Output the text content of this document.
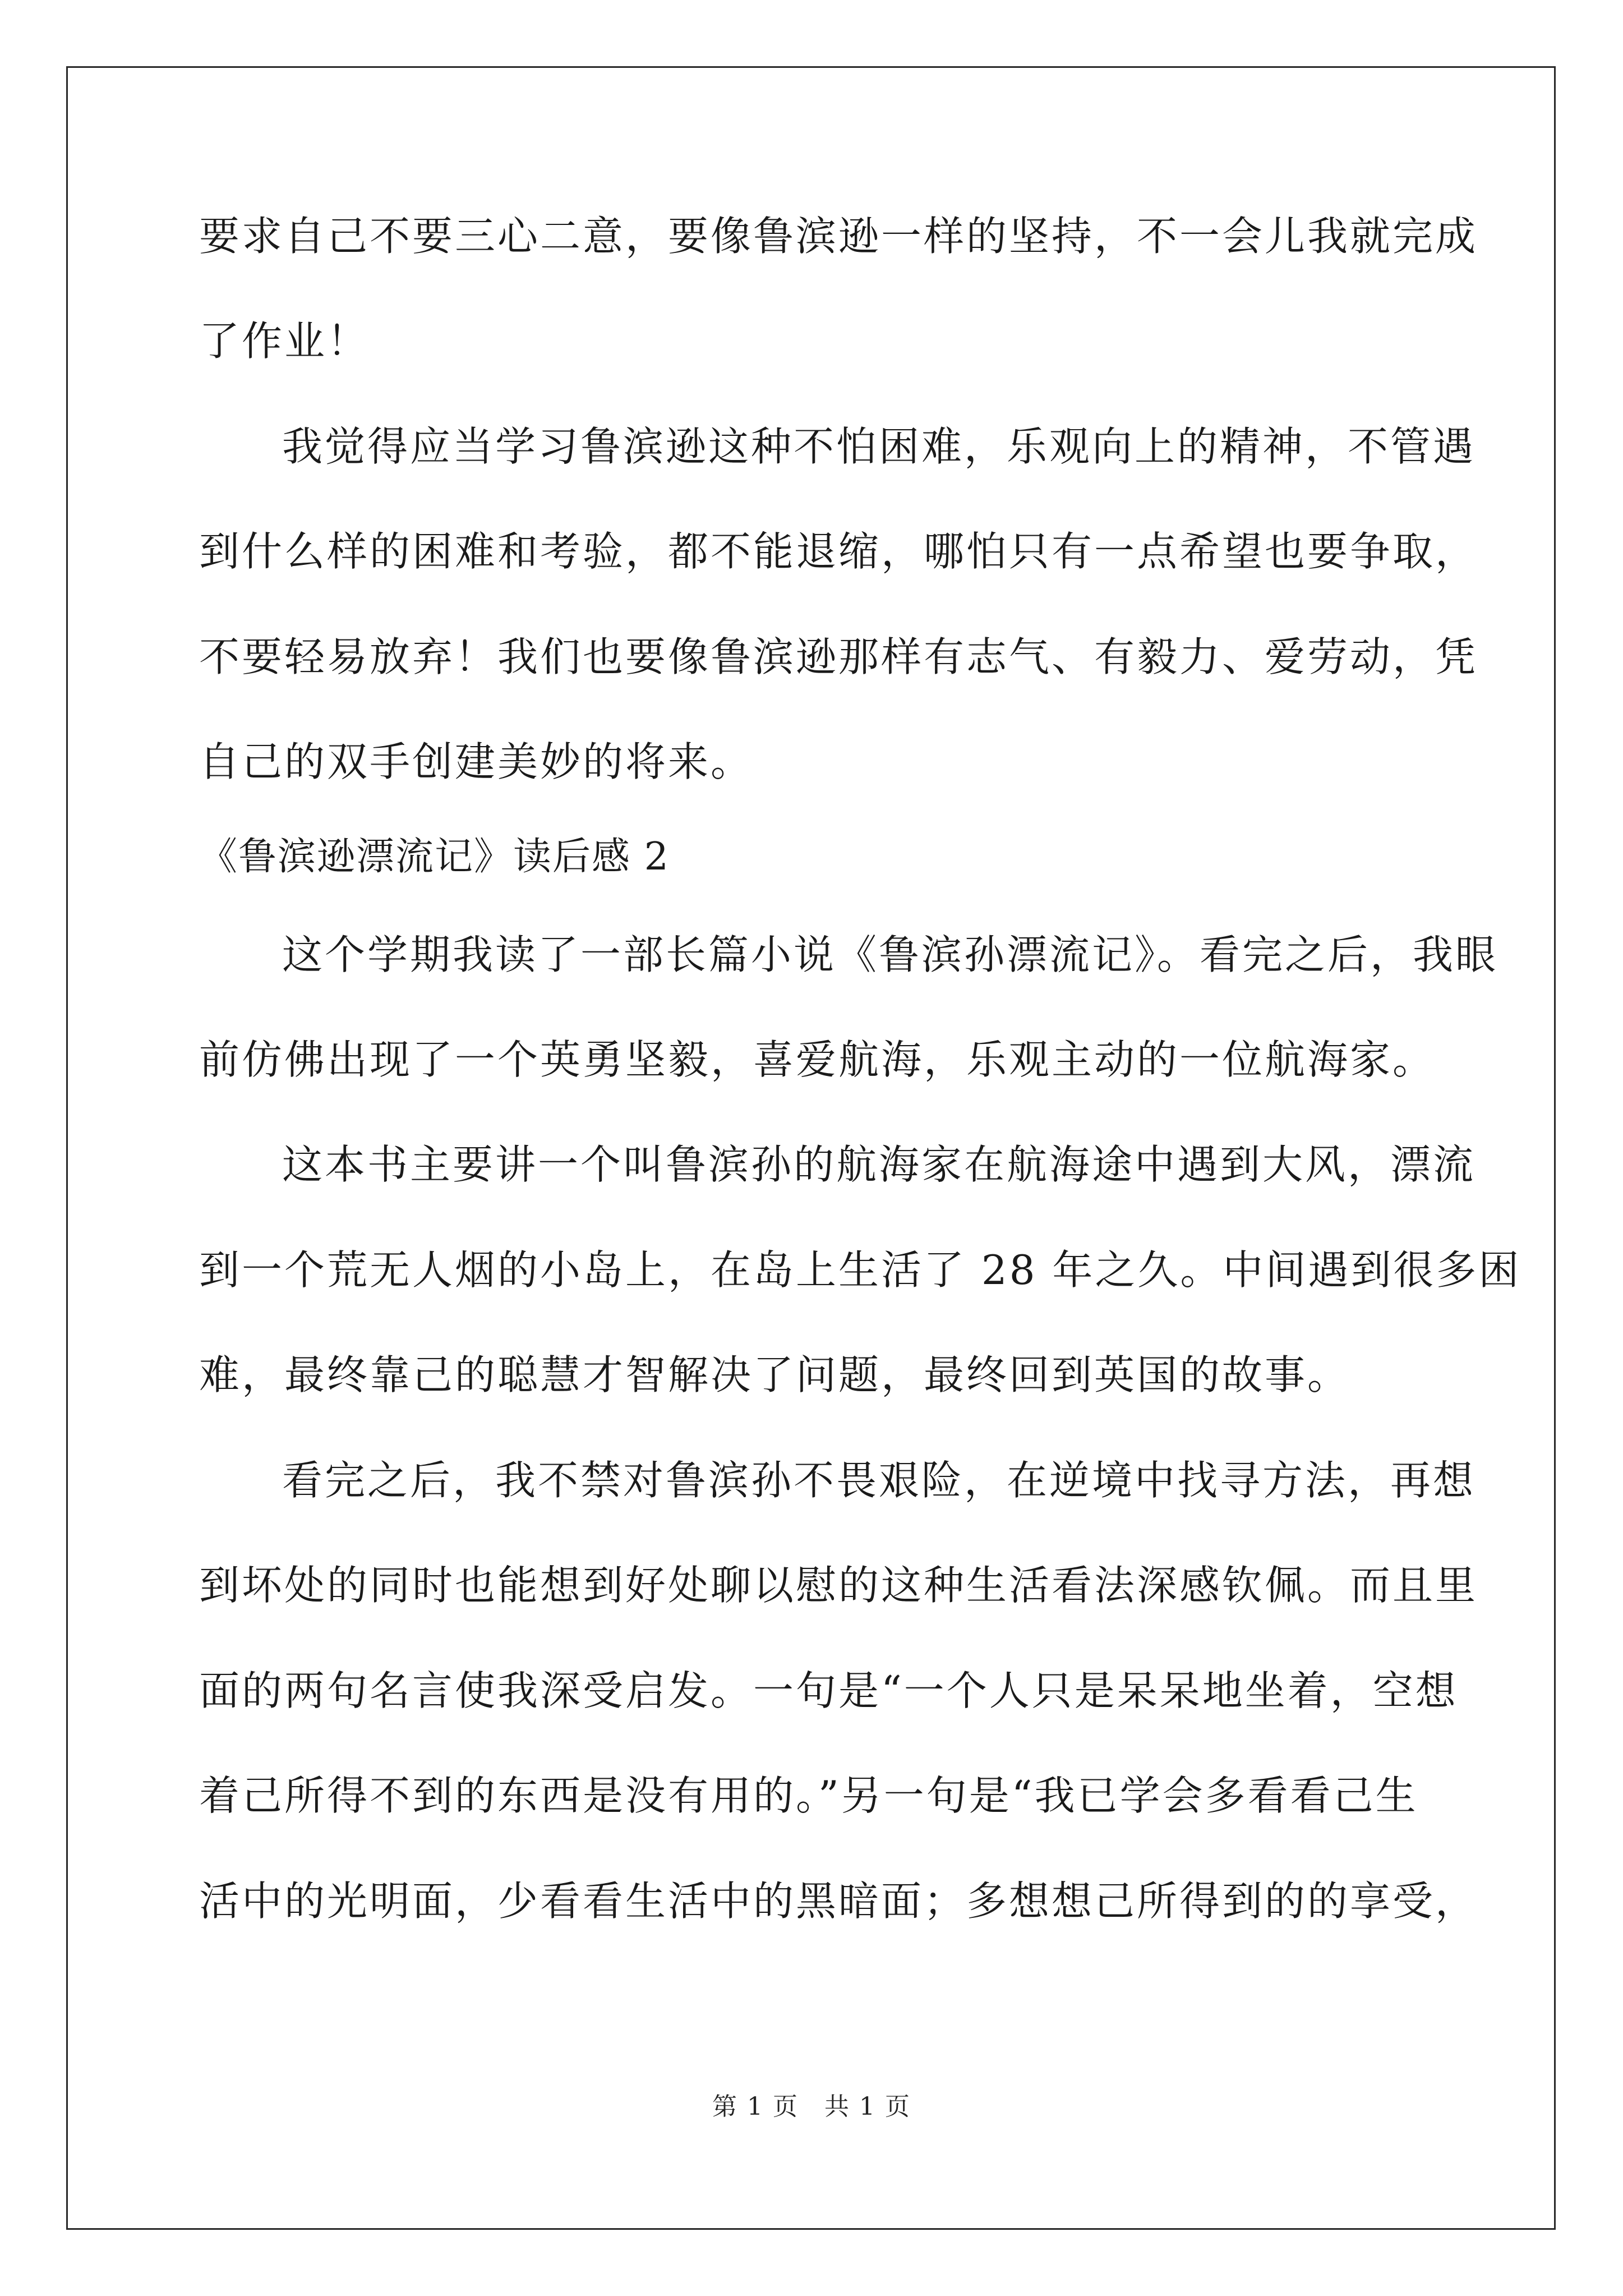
要求自己不要三心二意，要像鲁滨逊一样的坚持，不一会儿我就完成
了作业！
我觉得应当学习鲁滨逊这种不怕困难，乐观向上的精神，不管遇
到什么样的困难和考验，都不能退缩，哪怕只有一点希望也要争取，
不要轻易放弃！我们也要像鲁滨逊那样有志气、有毅力、爱劳动，凭
自己的双手创建美妙的将来。
《鲁滨逊漂流记》读后感 2
这个学期我读了一部长篇小说《鲁滨孙漂流记》。看完之后，我眼
前仿佛出现了一个英勇坚毅，喜爱航海，乐观主动的一位航海家。
这本书主要讲一个叫鲁滨孙的航海家在航海途中遇到大风，漂流
到一个荒无人烟的小岛上，在岛上生活了 28 年之久。中间遇到很多困
难，最终靠己的聪慧才智解决了问题，最终回到英国的故事。
看完之后，我不禁对鲁滨孙不畏艰险，在逆境中找寻方法，再想
到坏处的同时也能想到好处聊以慰的这种生活看法深感钦佩。而且里
面的两句名言使我深受启发。一句是“一个人只是呆呆地坐着，空想
着己所得不到的东西是没有用的。”另一句是“我已学会多看看己生
活中的光明面，少看看生活中的黑暗面；多想想己所得到的的享受，
第 1 页　共 1 页
